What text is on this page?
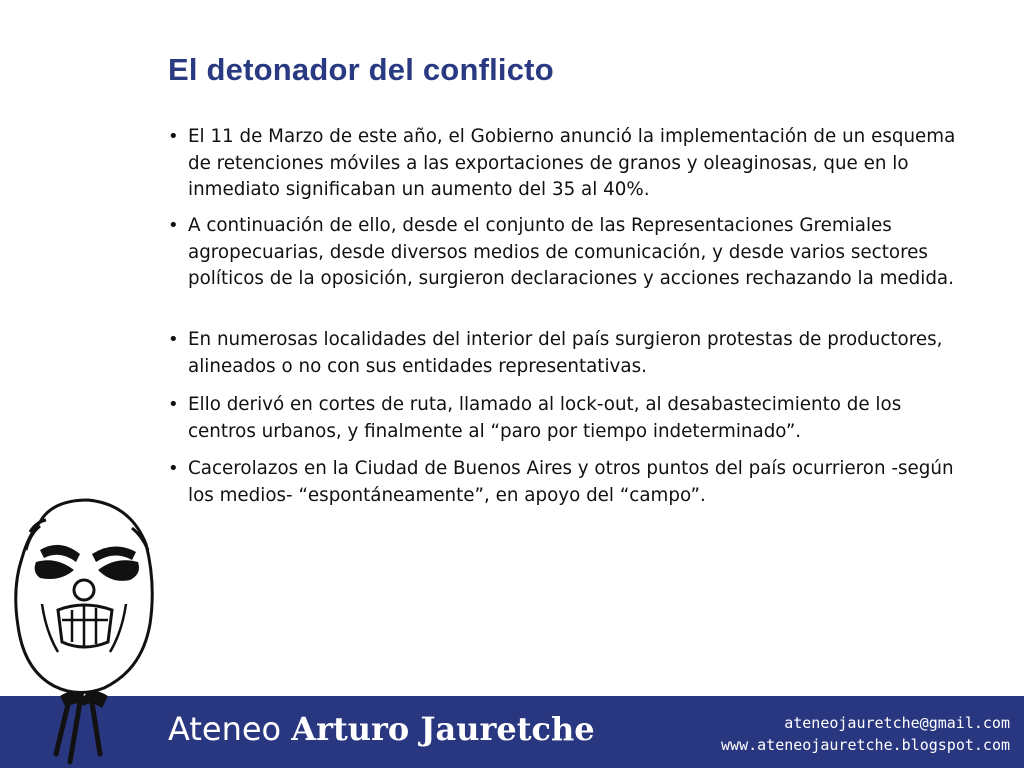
El detonador del conflicto
• El 11 de Marzo de este año, el Gobierno anunció la implementación de un esquema de retenciones móviles a las exportaciones de granos y oleaginosas, que en lo inmediato significaban un aumento del 35 al 40%.
• A continuación de ello, desde el conjunto de las Representaciones Gremiales agropecuarias, desde diversos medios de comunicación, y desde varios sectores políticos de la oposición, surgieron declaraciones y acciones rechazando la medida.
• En numerosas localidades del interior del país surgieron protestas de productores, alineados o no con sus entidades representativas.
• Ello derivó en cortes de ruta, llamado al lock-out, al desabastecimiento de los centros urbanos, y finalmente al “paro por tiempo indeterminado”.
• Cacerolazos en la Ciudad de Buenos Aires y otros puntos del país ocurrieron -según los medios- “espontáneamente”, en apoyo del “campo”.
Ateneo Arturo Jauretche	ateneojauretche@gmail.com
www.ateneojauretche.blogspot.com
